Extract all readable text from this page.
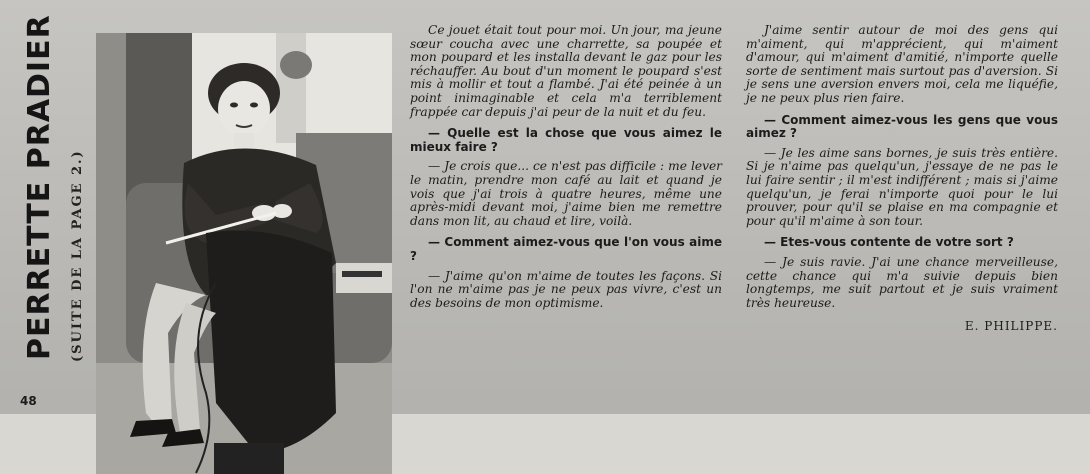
PERRETTE PRADIER (SUITE DE LA PAGE 2.)
48

Ce jouet était tout pour moi. Un jour, ma jeune sœur coucha avec une charrette, sa poupée et mon poupard et les installa devant le gaz pour les réchauffer. Au bout d'un moment le poupard s'est mis à mollir et tout a flambé. J'ai été peinée à un point inimaginable et cela m'a terriblement frappée car depuis j'ai peur de la nuit et du feu.

— Quelle est la chose que vous aimez le mieux faire ?

— Je crois que... ce n'est pas difficile : me lever le matin, prendre mon café au lait et quand je vois que j'ai trois à quatre heures, même une après-midi devant moi, j'aime bien me remettre dans mon lit, au chaud et lire, voilà.

— Comment aimez-vous que l'on vous aime ?

— J'aime qu'on m'aime de toutes les façons. Si l'on ne m'aime pas je ne peux pas vivre, c'est un des besoins de mon optimisme.

J'aime sentir autour de moi des gens qui m'aiment, qui m'apprécient, qui m'aiment d'amour, qui m'aiment d'amitié, n'importe quelle sorte de sentiment mais surtout pas d'aversion. Si je sens une aversion envers moi, cela me liquéfie, je ne peux plus rien faire.

— Comment aimez-vous les gens que vous aimez ?

— Je les aime sans bornes, je suis très entière. Si je n'aime pas quelqu'un, j'essaye de ne pas le lui faire sentir ; il m'est indifférent ; mais si j'aime quelqu'un, je ferai n'importe quoi pour le lui prouver, pour qu'il se plaise en ma compagnie et pour qu'il m'aime à son tour.

— Etes-vous contente de votre sort ?

— Je suis ravie. J'ai une chance merveilleuse, cette chance qui m'a suivie depuis bien longtemps, me suit partout et je suis vraiment très heureuse.

E. PHILIPPE.
